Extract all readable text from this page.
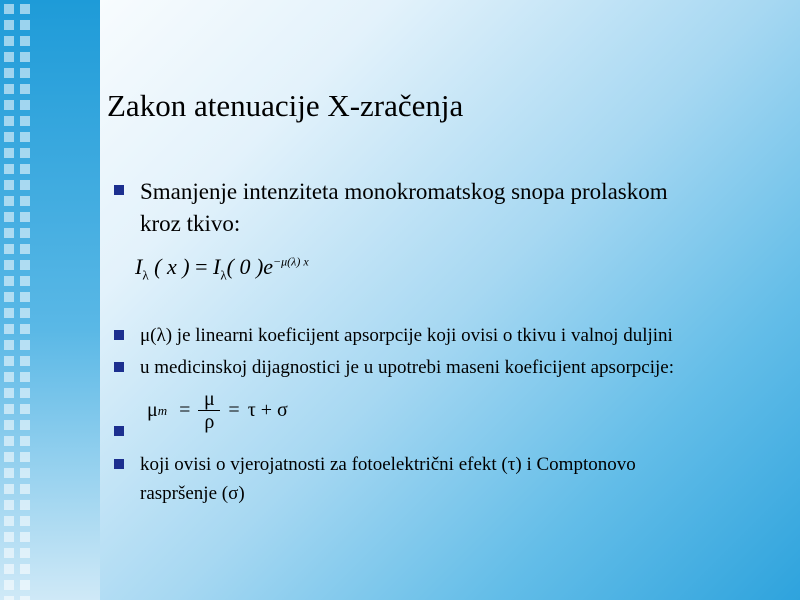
Zakon atenuacije X-zračenja
Smanjenje intenziteta monokromatskog snopa prolaskom
kroz tkivo:
$I_\lambda$ ( x ) = $I_\lambda$( 0 )$e^{-\mu(\lambda) x}$
μ(λ) je linearni koeficijent apsorpcije koji ovisi o tkivu i valnoj duljini
u medicinskoj dijagnostici je u upotrebi maseni koeficijent apsorpcije:
μ $m = \frac{\mu}{\rho} = \tau + \sigma$
koji ovisi o vjerojatnosti za fotoelektrični efekt (τ) i Comptonovo
raspršenje (σ)
